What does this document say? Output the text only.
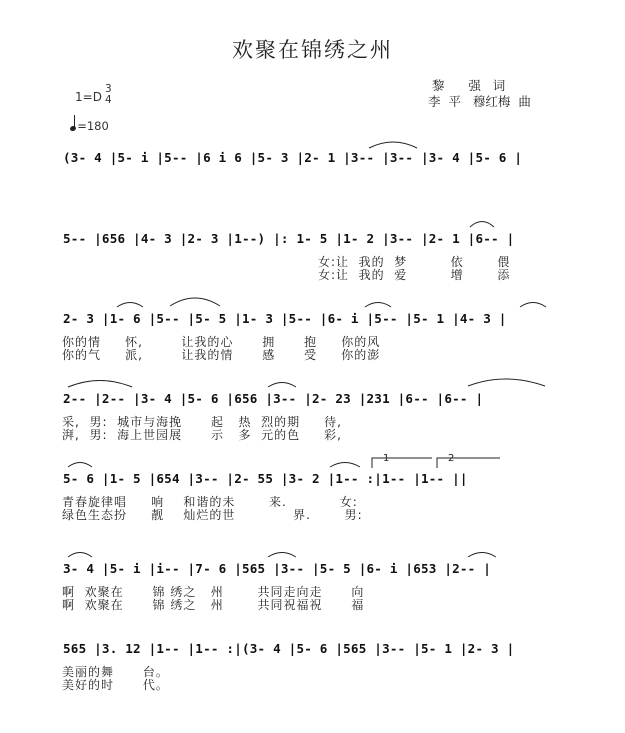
欢聚在锦绣之州
黎      强   词
李  平   穆红梅  曲
1=D
3
4
=180
(3- 4 |5- i |5-- |6 i 6 |5- 3 |2- 1 |3-- |3-- |3- 4 |5- 6 |
5-- |656 |4- 3 |2- 3 |1--) |: 1- 5 |1- 2 |3-- |2- 1 |6-- |
女:让  我的  梦         依       偎
女:让  我的  爱         增       添
2- 3 |1- 6 |5-- |5- 5 |1- 3 |5-- |6- i |5-- |5- 1 |4- 3 |
你的情     怀,        让我的心      拥      抱     你的风
你的气     派,        让我的情      感      受     你的澎
2-- |2-- |3- 4 |5- 6 |656 |3-- |2- 23 |231 |6-- |6-- |
采,  男:  城市与海挽      起   热  烈的期     待,
湃,  男:  海上世园展      示   多  元的色     彩,
5- 6 |1- 5 |654 |3-- |2- 55 |3- 2 |1-- :|1-- |1-- ||
青春旋律唱     响    和谐的未       来.           女:
绿色生态扮     靓    灿烂的世            界.       男:
1	2
3- 4 |5- i |i-- |7- 6 |565 |3-- |5- 5 |6- i |653 |2-- |
啊  欢聚在      锦 绣之   州       共同走向走      向
啊  欢聚在      锦 绣之   州       共同祝福祝      福
565 |3. 12 |1-- |1-- :|(3- 4 |5- 6 |565 |3-- |5- 1 |2- 3 |
美丽的舞      台。
美好的时      代。
